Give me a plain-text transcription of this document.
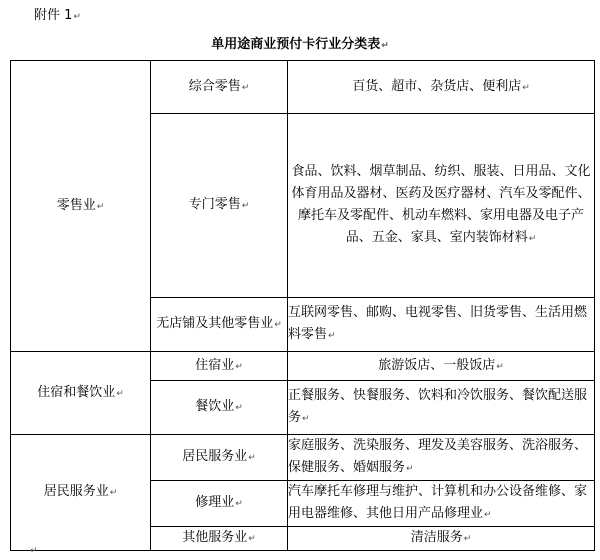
附件 1↵
单用途商业预付卡行业分类表↵
零售业↵	综合零售↵	百货、超市、杂货店、便利店↵
	专门零售↵	食品、饮料、烟草制品、纺织、服装、日用品、文化体育用品及器材、医药及医疗器材、汽车及零配件、摩托车及零配件、机动车燃料、家用电器及电子产品、五金、家具、室内装饰材料↵
	无店铺及其他零售业↵	互联网零售、邮购、电视零售、旧货零售、生活用燃料零售↵
住宿和餐饮业↵	住宿业↵	旅游饭店、一般饭店↵
	餐饮业↵	正餐服务、快餐服务、饮料和冷饮服务、餐饮配送服务↵
居民服务业↵	居民服务业↵	家庭服务、洗染服务、理发及美容服务、洗浴服务、保健服务、婚姻服务↵
	修理业↵	汽车摩托车修理与维护、计算机和办公设备维修、家用电器维修、其他日用产品修理业↵
	其他服务业↵	清洁服务↵
↵
